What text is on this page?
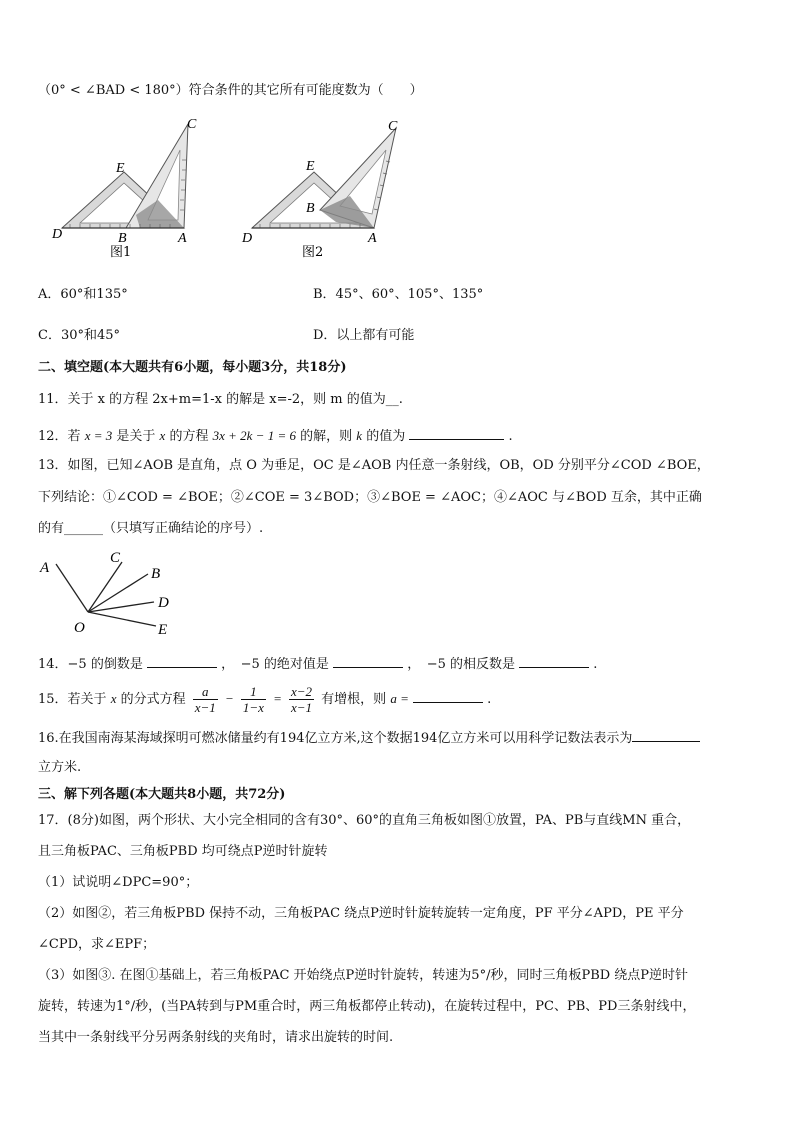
（0° < ∠BAD < 180°）符合条件的其它所有可能度数为（　　）
C
E
D	B	A
图1
C
E
D
B
A
图2
A．60°和135°	B．45°、60°、105°、135°
C．30°和45°	D．以上都有可能
二、填空题(本大题共有6小题，每小题3分，共18分)
11．关于 x 的方程 2x+m=1-x 的解是 x=-2，则 m 的值为__.
12．若 x = 3 是关于 x 的方程 3x + 2k − 1 = 6 的解，则 k 的值为	.
13．如图，已知∠AOB 是直角，点 O 为垂足，OC 是∠AOB 内任意一条射线，OB，OD 分别平分∠COD ∠BOE，
下列结论：①∠COD = ∠BOE；②∠COE = 3∠BOD；③∠BOE = ∠AOC；④∠AOC 与∠BOD 互余，其中正确
的有______（只填写正确结论的序号）.
A
C
B
D
E
O
14．−5 的倒数是	，　−5 的绝对值是	，　−5 的相反数是	.
15．若关于 x 的分式方程 $\frac{a}{x-1} - \frac{1}{1-x} = \frac{x-2}{x-1}$ 有增根，则 a =	.
16.在我国南海某海域探明可燃冰储量约有194亿立方米,这个数据194亿立方米可以用科学记数法表示为
立方米.
三、解下列各题(本大题共8小题，共72分)
17．(8分)如图，两个形状、大小完全相同的含有30°、60°的直角三角板如图①放置，PA、PB与直线MN 重合，
且三角板PAC、三角板PBD 均可绕点P逆时针旋转
（1）试说明∠DPC=90°；
（2）如图②，若三角板PBD 保持不动，三角板PAC 绕点P逆时针旋转旋转一定角度，PF 平分∠APD，PE 平分
∠CPD，求∠EPF；
（3）如图③. 在图①基础上，若三角板PAC 开始绕点P逆时针旋转，转速为5°/秒，同时三角板PBD 绕点P逆时针
旋转，转速为1°/秒，(当PA转到与PM重合时，两三角板都停止转动)，在旋转过程中，PC、PB、PD三条射线中，
当其中一条射线平分另两条射线的夹角时，请求出旋转的时间.
